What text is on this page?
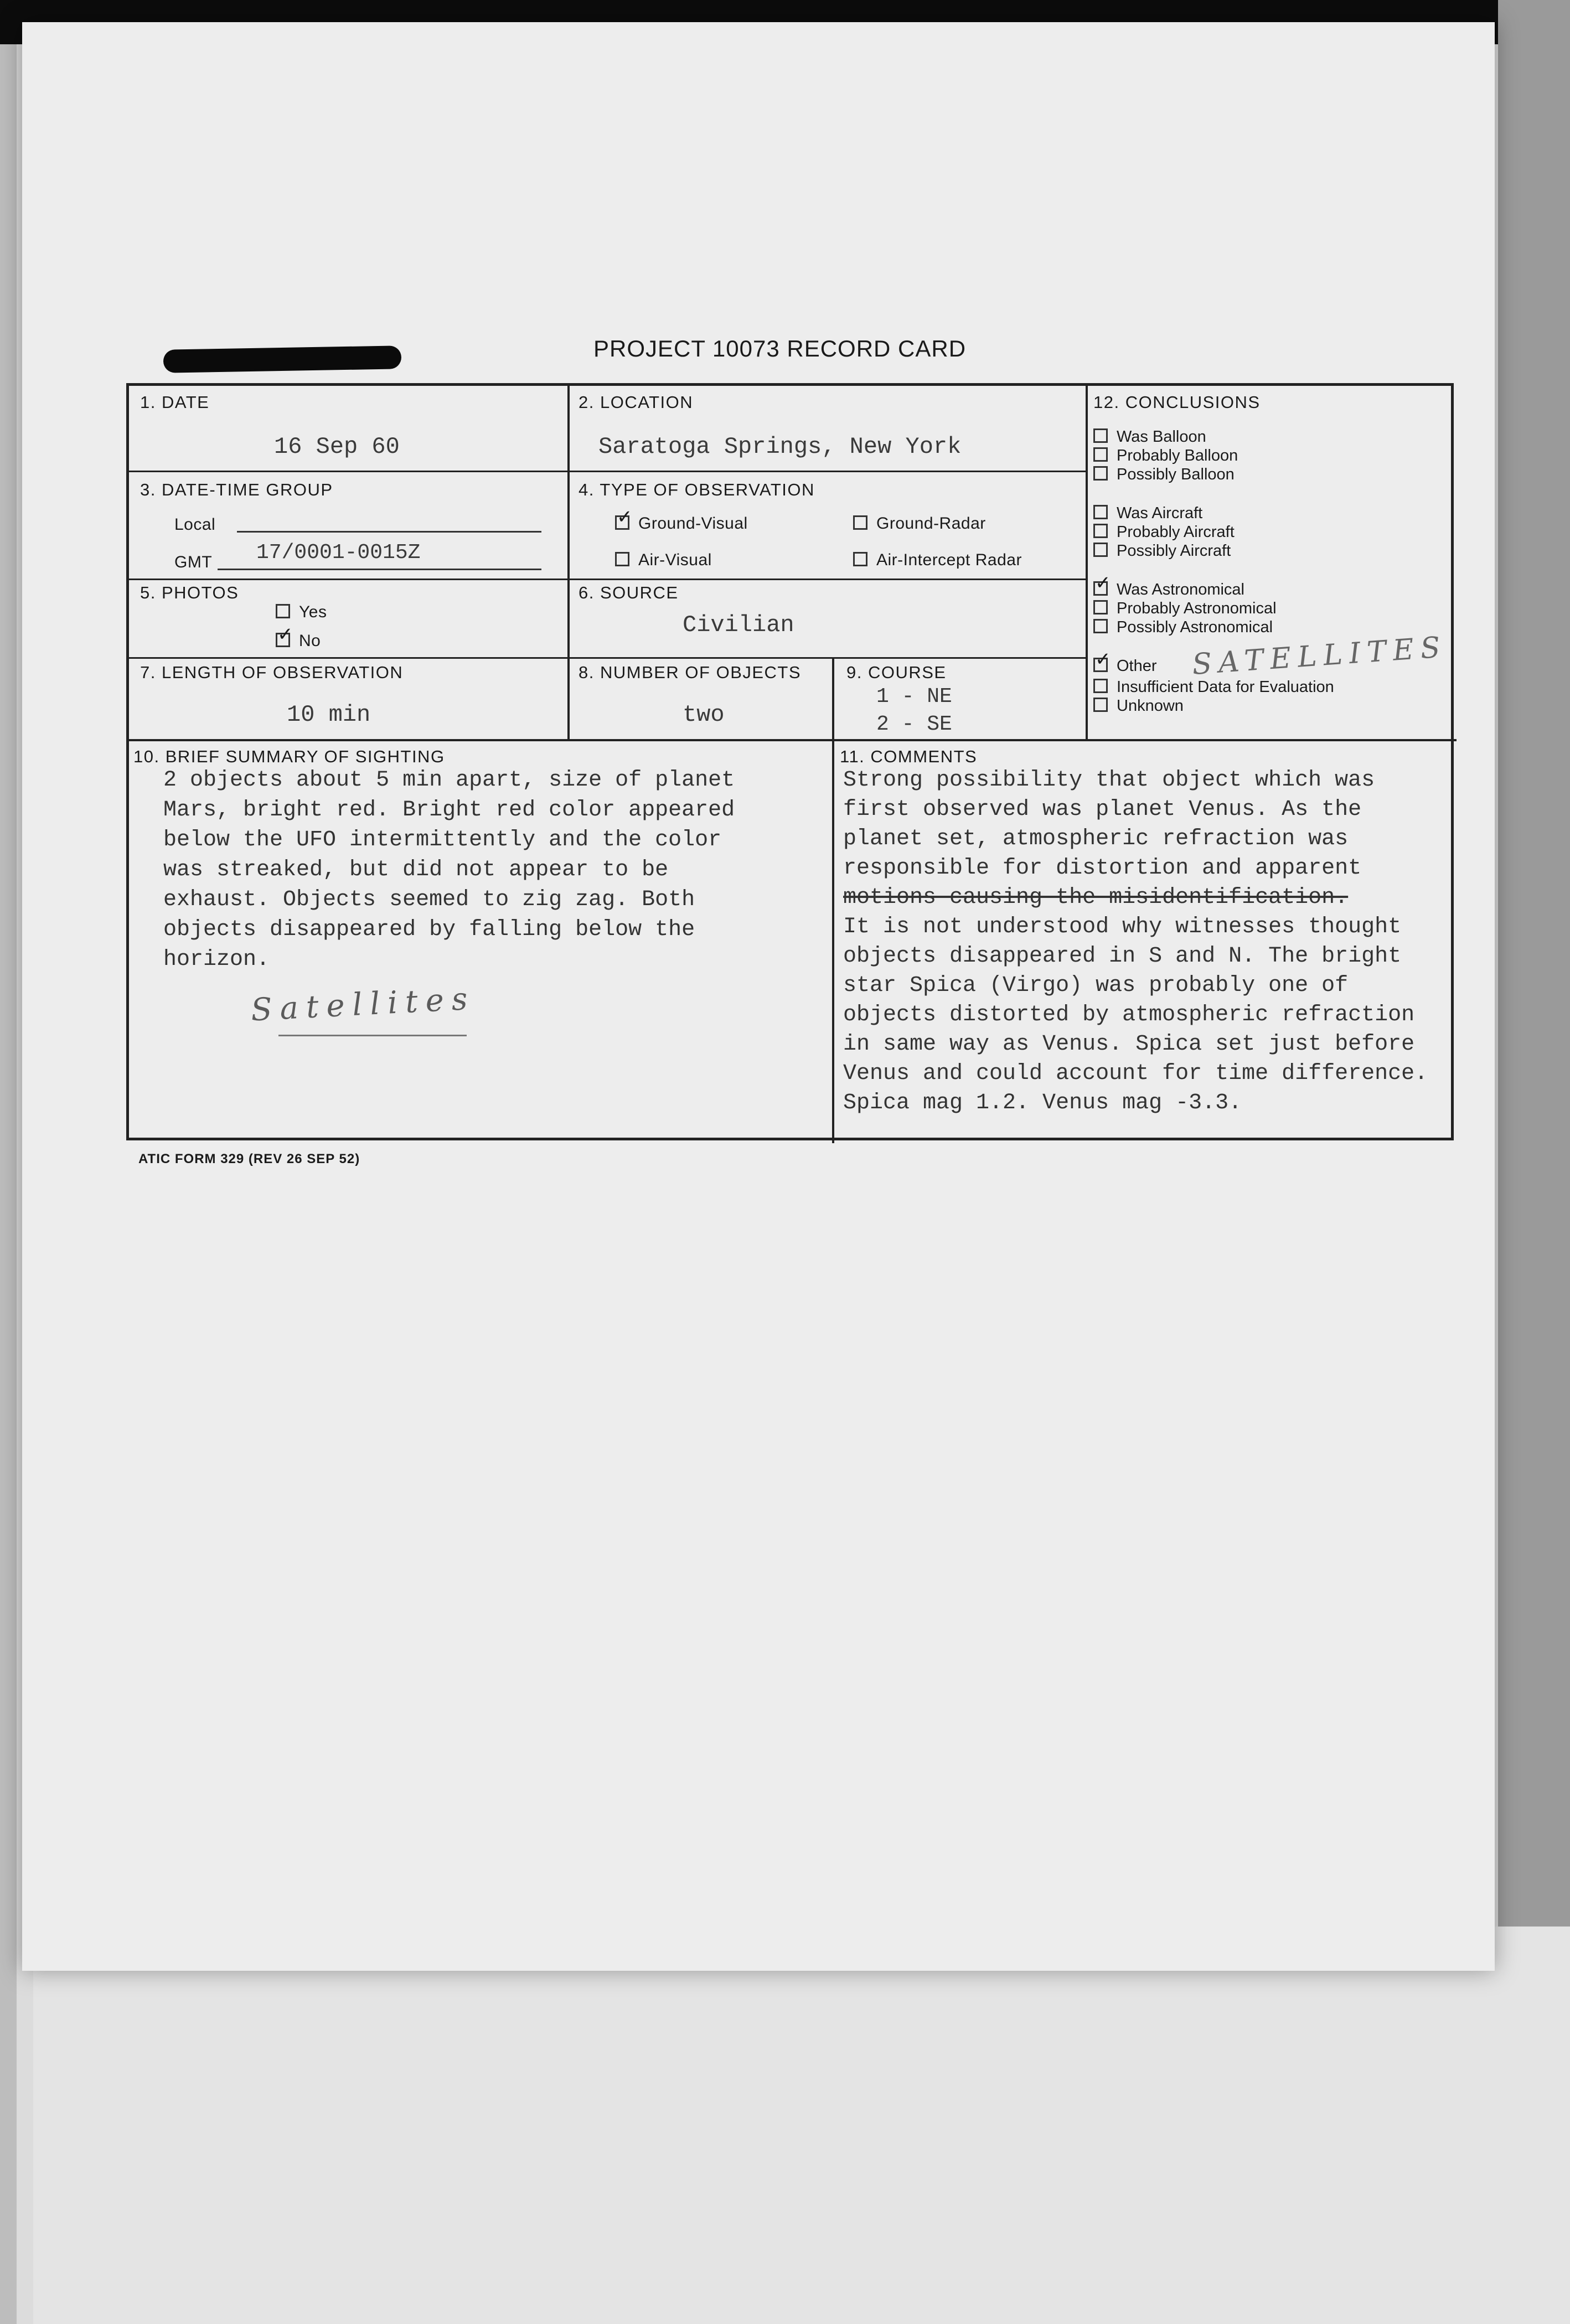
PROJECT 10073 RECORD CARD
1. DATE
16 Sep 60
2. LOCATION
Saratoga Springs, New York
3. DATE-TIME GROUP
Local
GMT 17/0001-0015Z
4. TYPE OF OBSERVATION
✓Ground-Visual	Ground-Radar
Air-Visual	Air-Intercept Radar
5. PHOTOS
Yes
✓No
6. SOURCE
Civilian
7. LENGTH OF OBSERVATION
10 min
8. NUMBER OF OBJECTS
two
9. COURSE
1 - NE
2 - SE
10. BRIEF SUMMARY OF SIGHTING
2 objects about 5 min apart, size of planet
Mars, bright red. Bright red color appeared
below the UFO intermittently and the color
was streaked, but did not appear to be
exhaust. Objects seemed to zig zag. Both
objects disappeared by falling below the
horizon.
Satellites
11. COMMENTS
Strong possibility that object which was
first observed was planet Venus. As the
planet set, atmospheric refraction was
responsible for distortion and apparent
motions causing the misidentification.
It is not understood why witnesses thought
objects disappeared in S and N. The bright
star Spica (Virgo) was probably one of
objects distorted by atmospheric refraction
in same way as Venus. Spica set just before
Venus and could account for time difference.
Spica mag 1.2. Venus mag -3.3.
12. CONCLUSIONS
Was Balloon
Probably Balloon
Possibly Balloon
Was Aircraft
Probably Aircraft
Possibly Aircraft
✓Was Astronomical
Probably Astronomical
Possibly Astronomical
✓Other SATELLITES
Insufficient Data for Evaluation
Unknown
ATIC FORM 329 (REV 26 SEP 52)
